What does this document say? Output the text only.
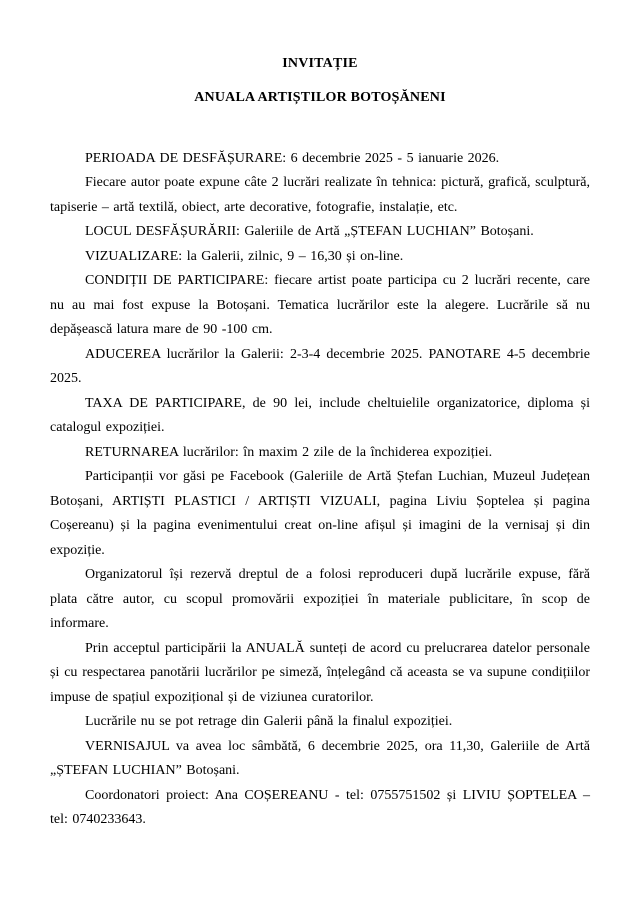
INVITAȚIE
ANUALA ARTIȘTILOR BOTOȘĂNENI

PERIOADA DE DESFĂȘURARE: 6 decembrie 2025 - 5 ianuarie 2026.

Fiecare autor poate expune câte 2 lucrări realizate în tehnica: pictură, grafică, sculptură, tapiserie – artă textilă, obiect, arte decorative, fotografie, instalație, etc.

LOCUL DESFĂȘURĂRII: Galeriile de Artă „ȘTEFAN LUCHIAN” Botoșani.

VIZUALIZARE: la Galerii, zilnic, 9 – 16,30 și on-line.

CONDIȚII DE PARTICIPARE: fiecare artist poate participa cu 2 lucrări recente, care nu au mai fost expuse la Botoșani. Tematica lucrărilor este la alegere. Lucrările să nu depășească latura mare de 90 -100 cm.

ADUCEREA lucrărilor la Galerii: 2-3-4 decembrie 2025. PANOTARE 4-5 decembrie 2025.

TAXA DE PARTICIPARE, de 90 lei, include cheltuielile organizatorice, diploma și catalogul expoziției.

RETURNAREA lucrărilor: în maxim 2 zile de la închiderea expoziției.

Participanții vor găsi pe Facebook (Galeriile de Artă Ștefan Luchian, Muzeul Județean Botoșani, ARTIȘTI PLASTICI / ARTIȘTI VIZUALI, pagina Liviu Șoptelea și pagina Coșereanu) și la pagina evenimentului creat on-line afișul și imagini de la vernisaj și din expoziție.

Organizatorul își rezervă dreptul de a folosi reproduceri după lucrările expuse, fără plata către autor, cu scopul promovării expoziției în materiale publicitare, în scop de informare.

Prin acceptul participării la ANUALĂ sunteți de acord cu prelucrarea datelor personale și cu respectarea panotării lucrărilor pe simeză, înțelegând că aceasta se va supune condițiilor impuse de spațiul expozițional și de viziunea curatorilor.

Lucrările nu se pot retrage din Galerii până la finalul expoziției.

VERNISAJUL va avea loc sâmbătă, 6 decembrie 2025, ora 11,30, Galeriile de Artă „ȘTEFAN LUCHIAN” Botoșani.

Coordonatori proiect: Ana COȘEREANU - tel: 0755751502 și LIVIU ȘOPTELEA – tel: 0740233643.
